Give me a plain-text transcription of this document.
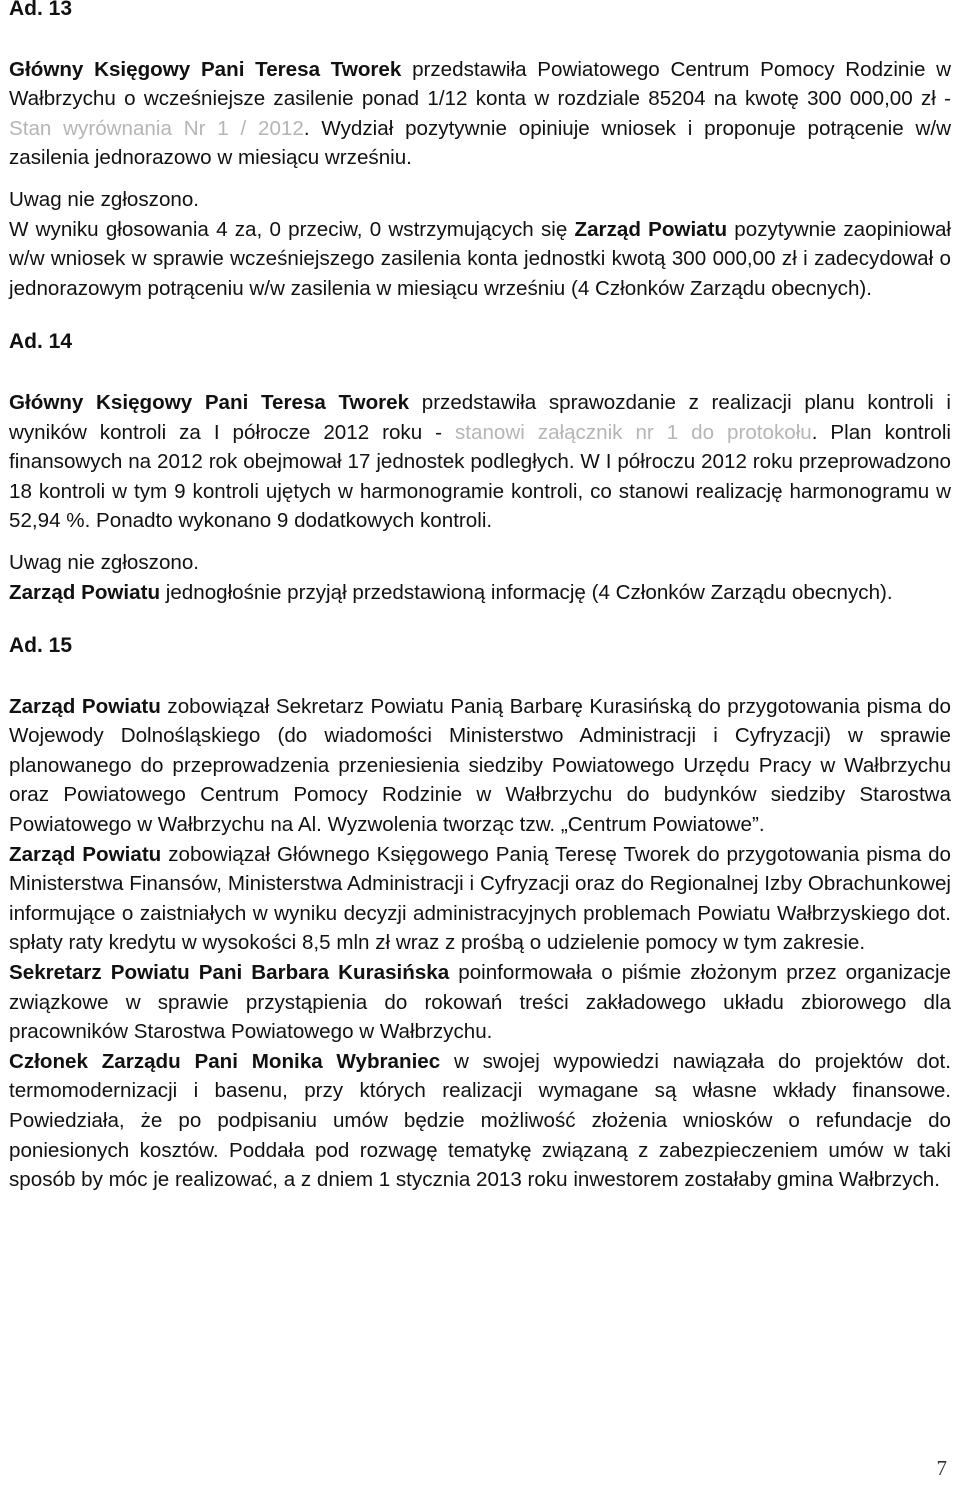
Ad. 13

Główny Księgowy Pani Teresa Tworek przedstawiła Powiatowego Centrum Pomocy Rodzinie w Wałbrzychu o wcześniejsze zasilenie ponad 1/12 konta w rozdziale 85204 na kwotę 300 000,00 zł - Stan wyrównania Nr 1 / 2012. Wydział pozytywnie opiniuje wniosek i proponuje potrącenie w/w zasilenia jednorazowo w miesiącu wrześniu.

Uwag nie zgłoszono.

W wyniku głosowania 4 za, 0 przeciw, 0 wstrzymujących się Zarząd Powiatu pozytywnie zaopiniował w/w wniosek w sprawie wcześniejszego zasilenia konta jednostki kwotą 300 000,00 zł i zadecydował o jednorazowym potrąceniu w/w zasilenia w miesiącu wrześniu (4 Członków Zarządu obecnych).

Ad. 14

Główny Księgowy Pani Teresa Tworek przedstawiła sprawozdanie z realizacji planu kontroli i wyników kontroli za I półrocze 2012 roku - stanowi załącznik nr 1 do protokołu. Plan kontroli finansowych na 2012 rok obejmował 17 jednostek podległych. W I półroczu 2012 roku przeprowadzono 18 kontroli w tym 9 kontroli ujętych w harmonogramie kontroli, co stanowi realizację harmonogramu w 52,94 %. Ponadto wykonano 9 dodatkowych kontroli.

Uwag nie zgłoszono.

Zarząd Powiatu jednogłośnie przyjął przedstawioną informację (4 Członków Zarządu obecnych).

Ad. 15

Zarząd Powiatu zobowiązał Sekretarz Powiatu Panią Barbarę Kurasińską do przygotowania pisma do Wojewody Dolnośląskiego (do wiadomości Ministerstwo Administracji i Cyfryzacji) w sprawie planowanego do przeprowadzenia przeniesienia siedziby Powiatowego Urzędu Pracy w Wałbrzychu oraz Powiatowego Centrum Pomocy Rodzinie w Wałbrzychu do budynków siedziby Starostwa Powiatowego w Wałbrzychu na Al. Wyzwolenia tworząc tzw. „Centrum Powiatowe”.

Zarząd Powiatu zobowiązał Głównego Księgowego Panią Teresę Tworek do przygotowania pisma do Ministerstwa Finansów, Ministerstwa Administracji i Cyfryzacji oraz do Regionalnej Izby Obrachunkowej informujące o zaistniałych w wyniku decyzji administracyjnych problemach Powiatu Wałbrzyskiego dot. spłaty raty kredytu w wysokości 8,5 mln zł wraz z prośbą o udzielenie pomocy w tym zakresie.

Sekretarz Powiatu Pani Barbara Kurasińska poinformowała o piśmie złożonym przez organizacje związkowe w sprawie przystąpienia do rokowań treści zakładowego układu zbiorowego dla pracowników Starostwa Powiatowego w Wałbrzychu.

Członek Zarządu Pani Monika Wybraniec w swojej wypowiedzi nawiązała do projektów dot. termomodernizacji i basenu, przy których realizacji wymagane są własne wkłady finansowe. Powiedziała, że po podpisaniu umów będzie możliwość złożenia wniosków o refundacje do poniesionych kosztów. Poddała pod rozwagę tematykę związaną z zabezpieczeniem umów w taki sposób by móc je realizować, a z dniem 1 stycznia 2013 roku inwestorem zostałaby gmina Wałbrzych.

7
